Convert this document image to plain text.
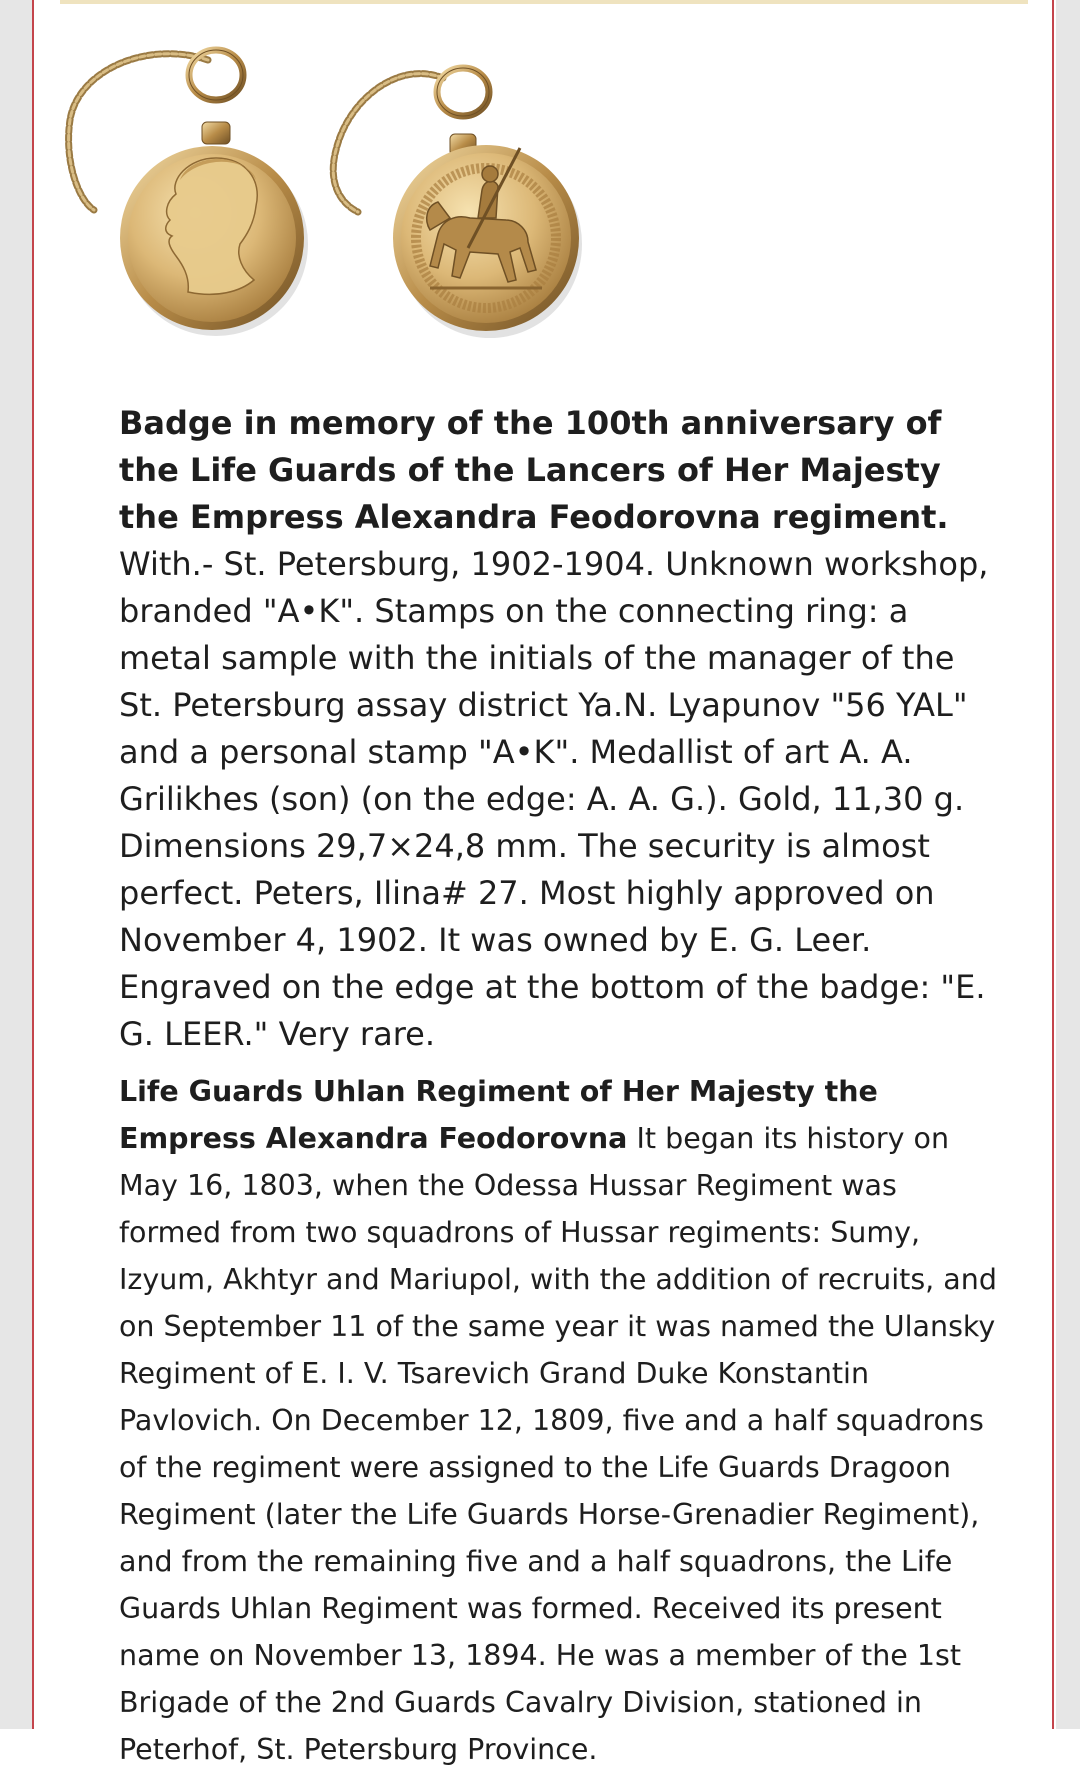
Badge in memory of the 100th anniversary of the Life Guards of the Lancers of Her Majesty the Empress Alexandra Feodorovna regiment. With.- St. Petersburg, 1902-1904. Unknown workshop, branded "A•K". Stamps on the connecting ring: a metal sample with the initials of the manager of the St. Petersburg assay district Ya.N. Lyapunov "56 YAL" and a personal stamp "A•K". Medallist of art A. A. Grilikhes (son) (on the edge: A. A. G.). Gold, 11,30 g. Dimensions 29,7×24,8 mm. The security is almost perfect. Peters, Ilina# 27. Most highly approved on November 4, 1902. It was owned by E. G. Leer. Engraved on the edge at the bottom of the badge: "E. G. LEER." Very rare.

Life Guards Uhlan Regiment of Her Majesty the Empress Alexandra Feodorovna It began its history on May 16, 1803, when the Odessa Hussar Regiment was formed from two squadrons of Hussar regiments: Sumy, Izyum, Akhtyr and Mariupol, with the addition of recruits, and on September 11 of the same year it was named the Ulansky Regiment of E. I. V. Tsarevich Grand Duke Konstantin Pavlovich. On December 12, 1809, five and a half squadrons of the regiment were assigned to the Life Guards Dragoon Regiment (later the Life Guards Horse-Grenadier Regiment), and from the remaining five and a half squadrons, the Life Guards Uhlan Regiment was formed. Received its present name on November 13, 1894. He was a member of the 1st Brigade of the 2nd Guards Cavalry Division, stationed in Peterhof, St. Petersburg Province.
